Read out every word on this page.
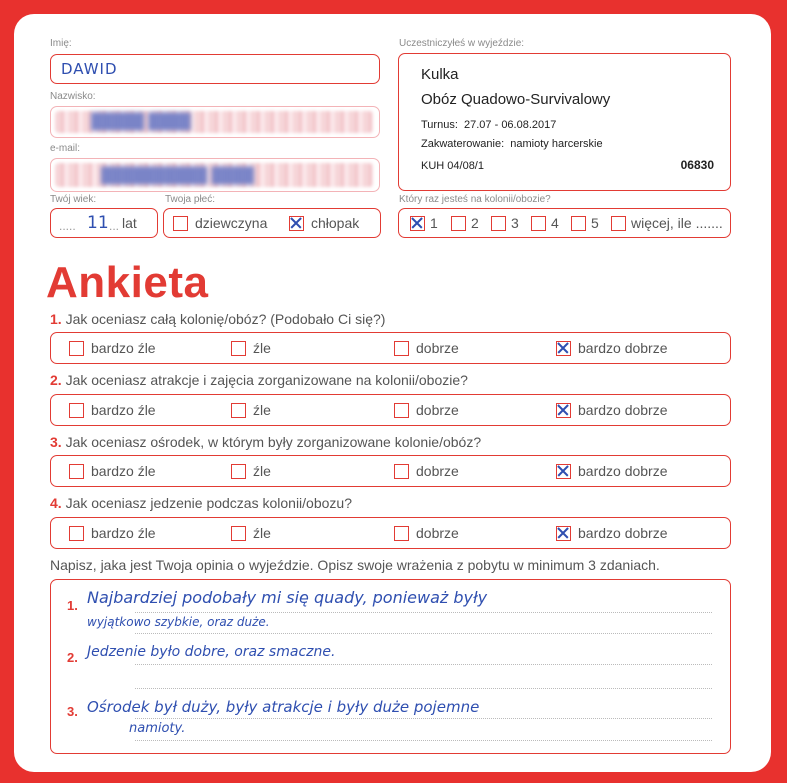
Imię:
DAWID
Nazwisko:
█████ ████
e-mail:
██████████ ████
Twój wiek:
..... 11 ... lat
Twoja płeć:
dziewczyna	chłopak
Uczestniczyłeś w wyjeździe:
Kulka
Obóz Quadowo-Survivalowy
Turnus: 27.07 - 06.08.2017
Zakwaterowanie: namioty harcerskie
KUH 04/08/1	06830
Który raz jesteś na kolonii/obozie?
1 2 3 4 5 więcej, ile .......
Ankieta
1. Jak oceniasz całą kolonię/obóz? (Podobało Ci się?)
bardzo źle	źle	dobrze	bardzo dobrze
2. Jak oceniasz atrakcje i zajęcia zorganizowane na kolonii/obozie?
bardzo źle	źle	dobrze	bardzo dobrze
3. Jak oceniasz ośrodek, w którym były zorganizowane kolonie/obóz?
bardzo źle	źle	dobrze	bardzo dobrze
4. Jak oceniasz jedzenie podczas kolonii/obozu?
bardzo źle	źle	dobrze	bardzo dobrze
Napisz, jaka jest Twoja opinia o wyjeździe. Opisz swoje wrażenia z pobytu w minimum 3 zdaniach.
1. Najbardziej podobały mi się quady, ponieważ były
wyjątkowo szybkie, oraz duże.
2. Jedzenie było dobre, oraz smaczne.
3. Ośrodek był duży, były atrakcje i były duże pojemne
namioty.
